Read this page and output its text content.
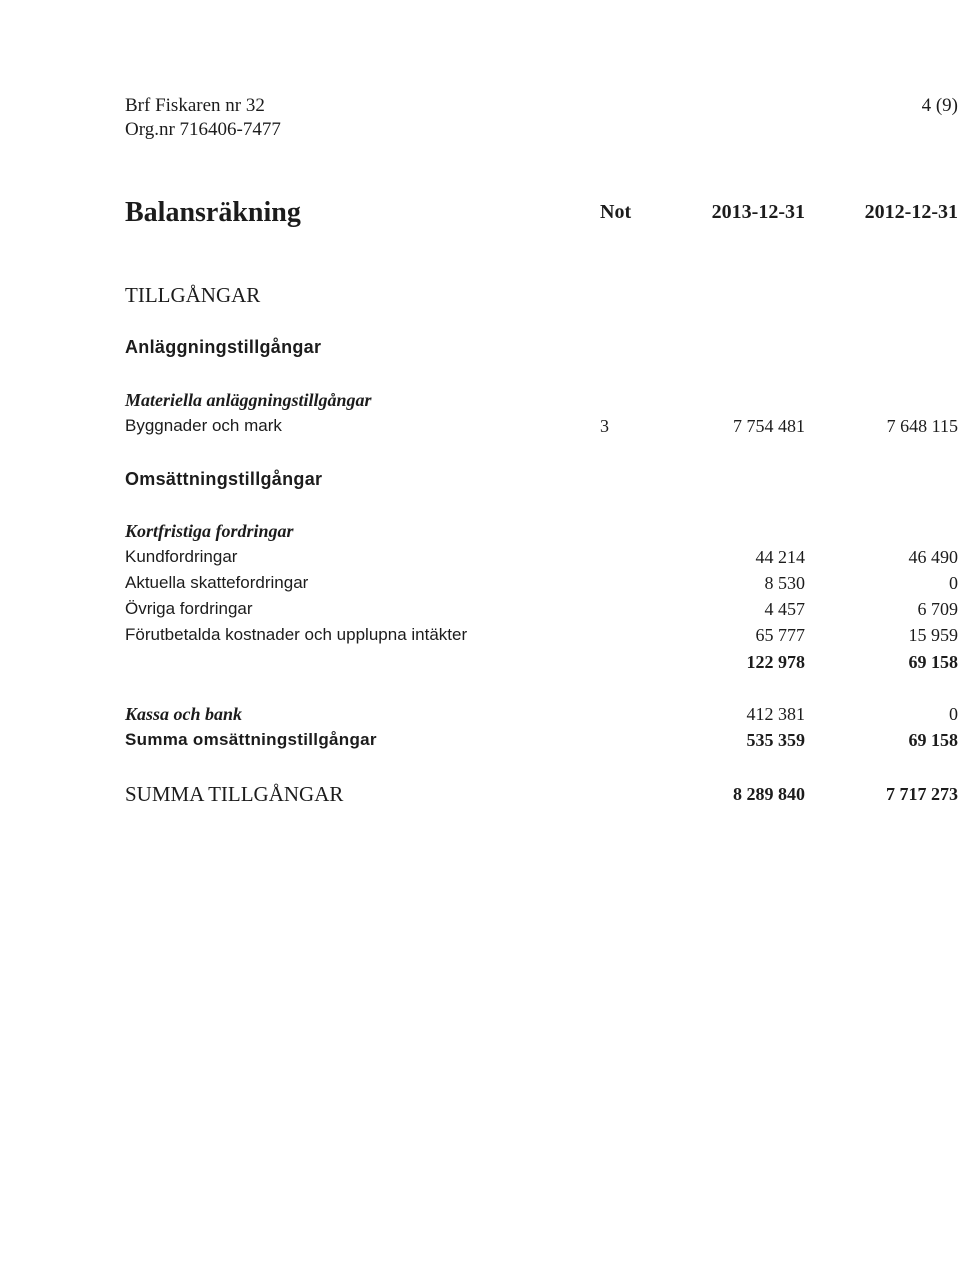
Brf Fiskaren nr 32
Org.nr 716406-7477
4 (9)
Balansräkning	Not	2013-12-31	2012-12-31
TILLGÅNGAR
Anläggningstillgångar
Materiella anläggningstillgångar
Byggnader och mark	3	7 754 481	7 648 115
Omsättningstillgångar
Kortfristiga fordringar
Kundfordringar	44 214	46 490
Aktuella skattefordringar	8 530	0
Övriga fordringar	4 457	6 709
Förutbetalda kostnader och upplupna intäkter	65 777	15 959
122 978	69 158
Kassa och bank	412 381	0
Summa omsättningstillgångar	535 359	69 158
SUMMA TILLGÅNGAR	8 289 840	7 717 273
